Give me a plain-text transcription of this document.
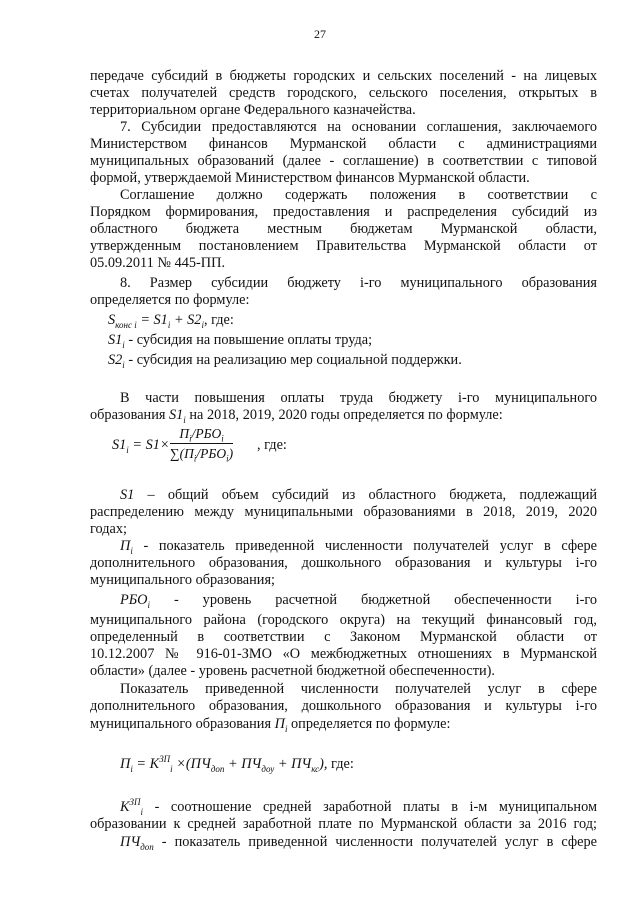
27
передаче субсидий в бюджеты городских и сельских поселений - на лицевых
счетах получателей средств городского, сельского поселения, открытых в
территориальном органе Федерального казначейства.
7. Субсидии предоставляются на основании соглашения, заключаемого
Министерством финансов Мурманской области с администрациями
муниципальных образований (далее - соглашение) в соответствии с типовой
формой, утверждаемой Министерством финансов Мурманской области.
Соглашение должно содержать положения в соответствии с
Порядком формирования, предоставления и распределения субсидий из
областного бюджета местным бюджетам Мурманской области,
утвержденным постановлением Правительства Мурманской области от
05.09.2011 № 445-ПП.
8. Размер субсидии бюджету i-го муниципального образования
определяется по формуле:
$S_{конс i} = S1_i + S2_i$, где:
$S1_i$ - субсидия на повышение оплаты труда;
$S2_i$ - субсидия на реализацию мер социальной поддержки.
В части повышения оплаты труда бюджету i-го муниципального
образования $S1_i$ на 2018, 2019, 2020 годы определяется по формуле:
$S1_i = S1\times$
$П_i/РБО_i$
$\sum(П_i/РБО_i)$
, где:
S1 – общий объем субсидий из областного бюджета, подлежащий
распределению между муниципальными образованиями в 2018, 2019, 2020
годах;
$П_i$ - показатель приведенной численности получателей услуг в сфере
дополнительного образования, дошкольного образования и культуры i-го
муниципального образования;
$РБО_i$ - уровень расчетной бюджетной обеспеченности i-го
муниципального района (городского округа) на текущий финансовый год,
определенный в соответствии с Законом Мурманской области от
10.12.2007 № 916-01-ЗМО «О межбюджетных отношениях в Мурманской
области» (далее - уровень расчетной бюджетной обеспеченности).
Показатель приведенной численности получателей услуг в сфере
дополнительного образования, дошкольного образования и культуры i-го
муниципального образования $П_i$ определяется по формуле:
$П_i = K^{ЗП}_i \times(ПЧ_{доп} + ПЧ_{доу} + ПЧ_{кс})$, где:
$K^{ЗП}_i$ - соотношение средней заработной платы в i-м муниципальном
образовании к средней заработной плате по Мурманской области за 2016 год;
$ПЧ_{доп}$ - показатель приведенной численности получателей услуг в сфере
